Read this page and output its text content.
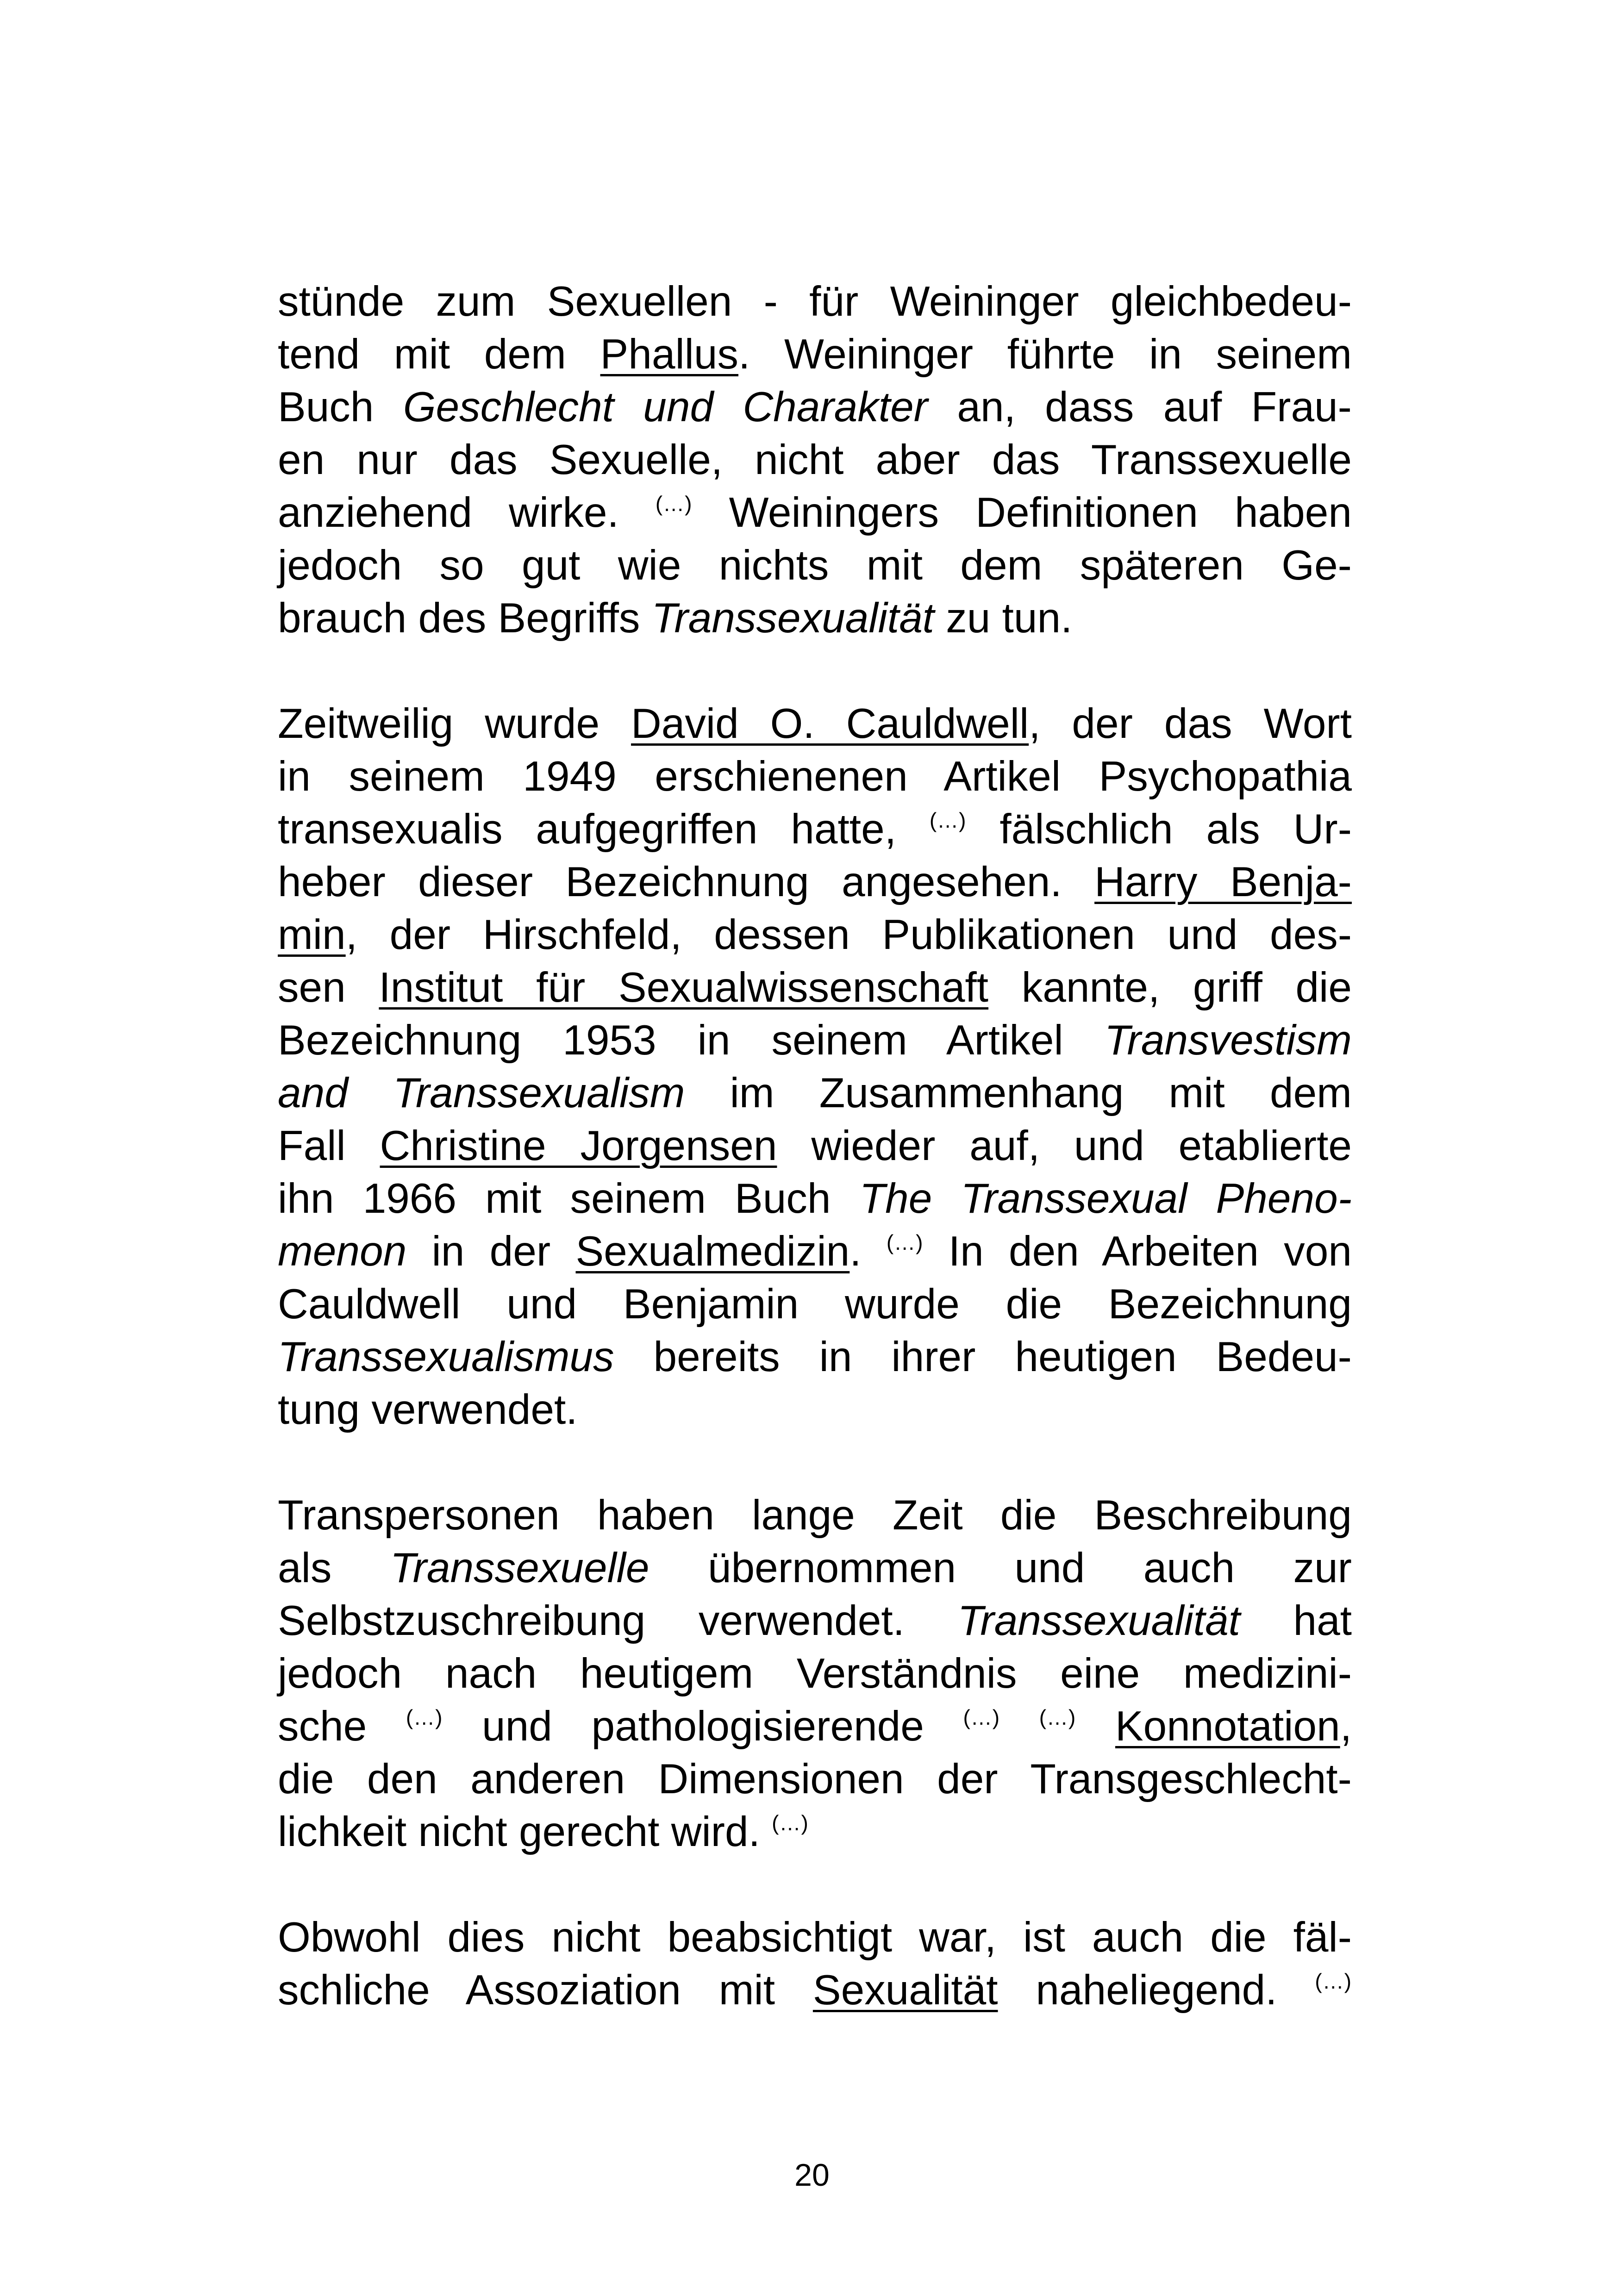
stünde zum Sexuellen - für Weininger gleichbedeu-
tend mit dem Phallus. Weininger führte in seinem
Buch Geschlecht und Charakter an, dass auf Frau-
en nur das Sexuelle, nicht aber das Transsexuelle
anziehend wirke. (…) Weiningers Definitionen haben
jedoch so gut wie nichts mit dem späteren Ge-
brauch des Begriffs Transsexualität zu tun.

Zeitweilig wurde David O. Cauldwell, der das Wort
in seinem 1949 erschienenen Artikel Psychopathia
transexualis aufgegriffen hatte, (…) fälschlich als Ur-
heber dieser Bezeichnung angesehen. Harry Benja-
min, der Hirschfeld, dessen Publikationen und des-
sen Institut für Sexualwissenschaft kannte, griff die
Bezeichnung 1953 in seinem Artikel Transvestism
and Transsexualism im Zusammenhang mit dem
Fall Christine Jorgensen wieder auf, und etablierte
ihn 1966 mit seinem Buch The Transsexual Pheno-
menon in der Sexualmedizin. (…) In den Arbeiten von
Cauldwell und Benjamin wurde die Bezeichnung
Transsexualismus bereits in ihrer heutigen Bedeu-
tung verwendet.

Transpersonen haben lange Zeit die Beschreibung
als Transsexuelle übernommen und auch zur
Selbstzuschreibung verwendet. Transsexualität hat
jedoch nach heutigem Verständnis eine medizini-
sche (…) und pathologisierende (…) (…) Konnotation,
die den anderen Dimensionen der Transgeschlecht-
lichkeit nicht gerecht wird. (…)

Obwohl dies nicht beabsichtigt war, ist auch die fäl-
schliche Assoziation mit Sexualität naheliegend. (…)

20
